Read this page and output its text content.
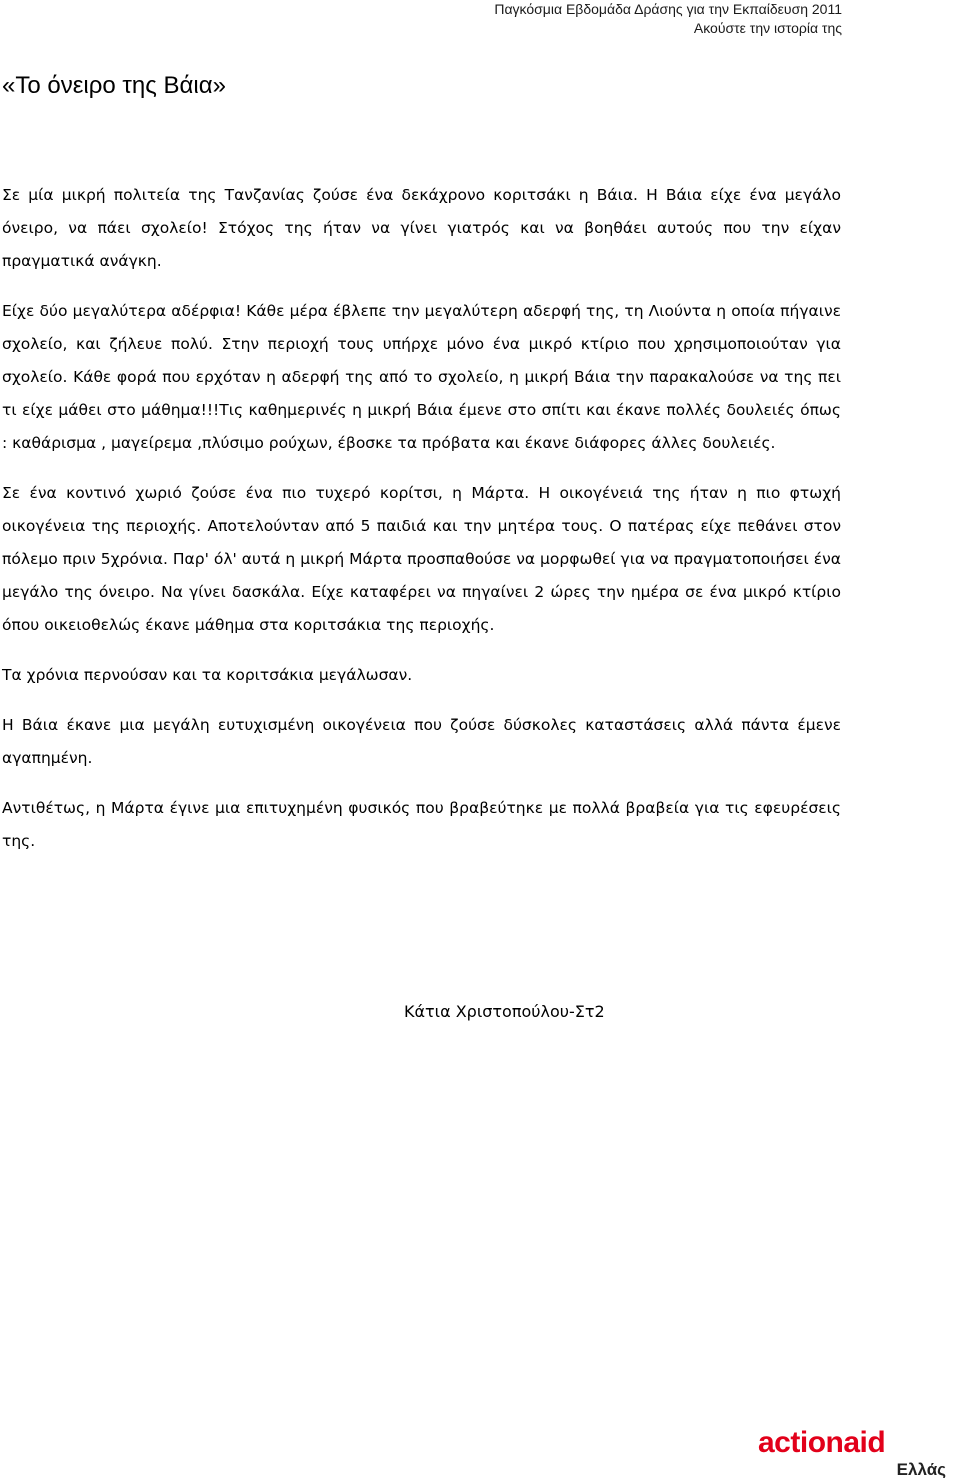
Παγκόσμια Εβδομάδα Δράσης για την Εκπαίδευση 2011
Ακούστε την ιστορία της
«Το όνειρο της Βάια»

Σε μία μικρή πολιτεία της Τανζανίας ζούσε ένα δεκάχρονο κοριτσάκι η Βάια. Η Βάια είχε ένα μεγάλο όνειρο, να πάει σχολείο! Στόχος της ήταν να γίνει γιατρός και να βοηθάει αυτούς που την είχαν πραγματικά ανάγκη.

Είχε δύο μεγαλύτερα αδέρφια! Κάθε μέρα έβλεπε την μεγαλύτερη αδερφή της, τη Λιούντα η οποία πήγαινε σχολείο, και ζήλευε πολύ. Στην περιοχή τους υπήρχε μόνο ένα μικρό κτίριο που χρησιμοποιούταν για σχολείο. Κάθε φορά που ερχόταν η αδερφή της από το σχολείο, η μικρή Βάια την παρακαλούσε να της πει τι είχε μάθει στο μάθημα!!!Τις καθημερινές η μικρή Βάια έμενε στο σπίτι και έκανε πολλές δουλειές όπως : καθάρισμα , μαγείρεμα ,πλύσιμο ρούχων, έβοσκε τα πρόβατα και έκανε διάφορες άλλες δουλειές.

Σε ένα κοντινό χωριό ζούσε ένα πιο τυχερό κορίτσι, η Μάρτα. Η οικογένειά της ήταν η πιο φτωχή οικογένεια της περιοχής. Αποτελούνταν από 5 παιδιά και την μητέρα τους. Ο πατέρας είχε πεθάνει στον πόλεμο πριν 5χρόνια. Παρ' όλ' αυτά η μικρή Μάρτα προσπαθούσε να μορφωθεί για να πραγματοποιήσει ένα μεγάλο της όνειρο. Να γίνει δασκάλα. Είχε καταφέρει να πηγαίνει 2 ώρες την ημέρα σε ένα μικρό κτίριο όπου οικειοθελώς έκανε μάθημα στα κοριτσάκια της περιοχής.

Τα χρόνια περνούσαν και τα κοριτσάκια μεγάλωσαν.

Η Βάια έκανε μια μεγάλη ευτυχισμένη οικογένεια που ζούσε δύσκολες καταστάσεις αλλά πάντα έμενε αγαπημένη.

Αντιθέτως, η Μάρτα έγινε μια επιτυχημένη φυσικός που βραβεύτηκε με πολλά βραβεία για τις εφευρέσεις της.

Κάτια Χριστοπούλου-Στ2
actionaid
Ελλάς
